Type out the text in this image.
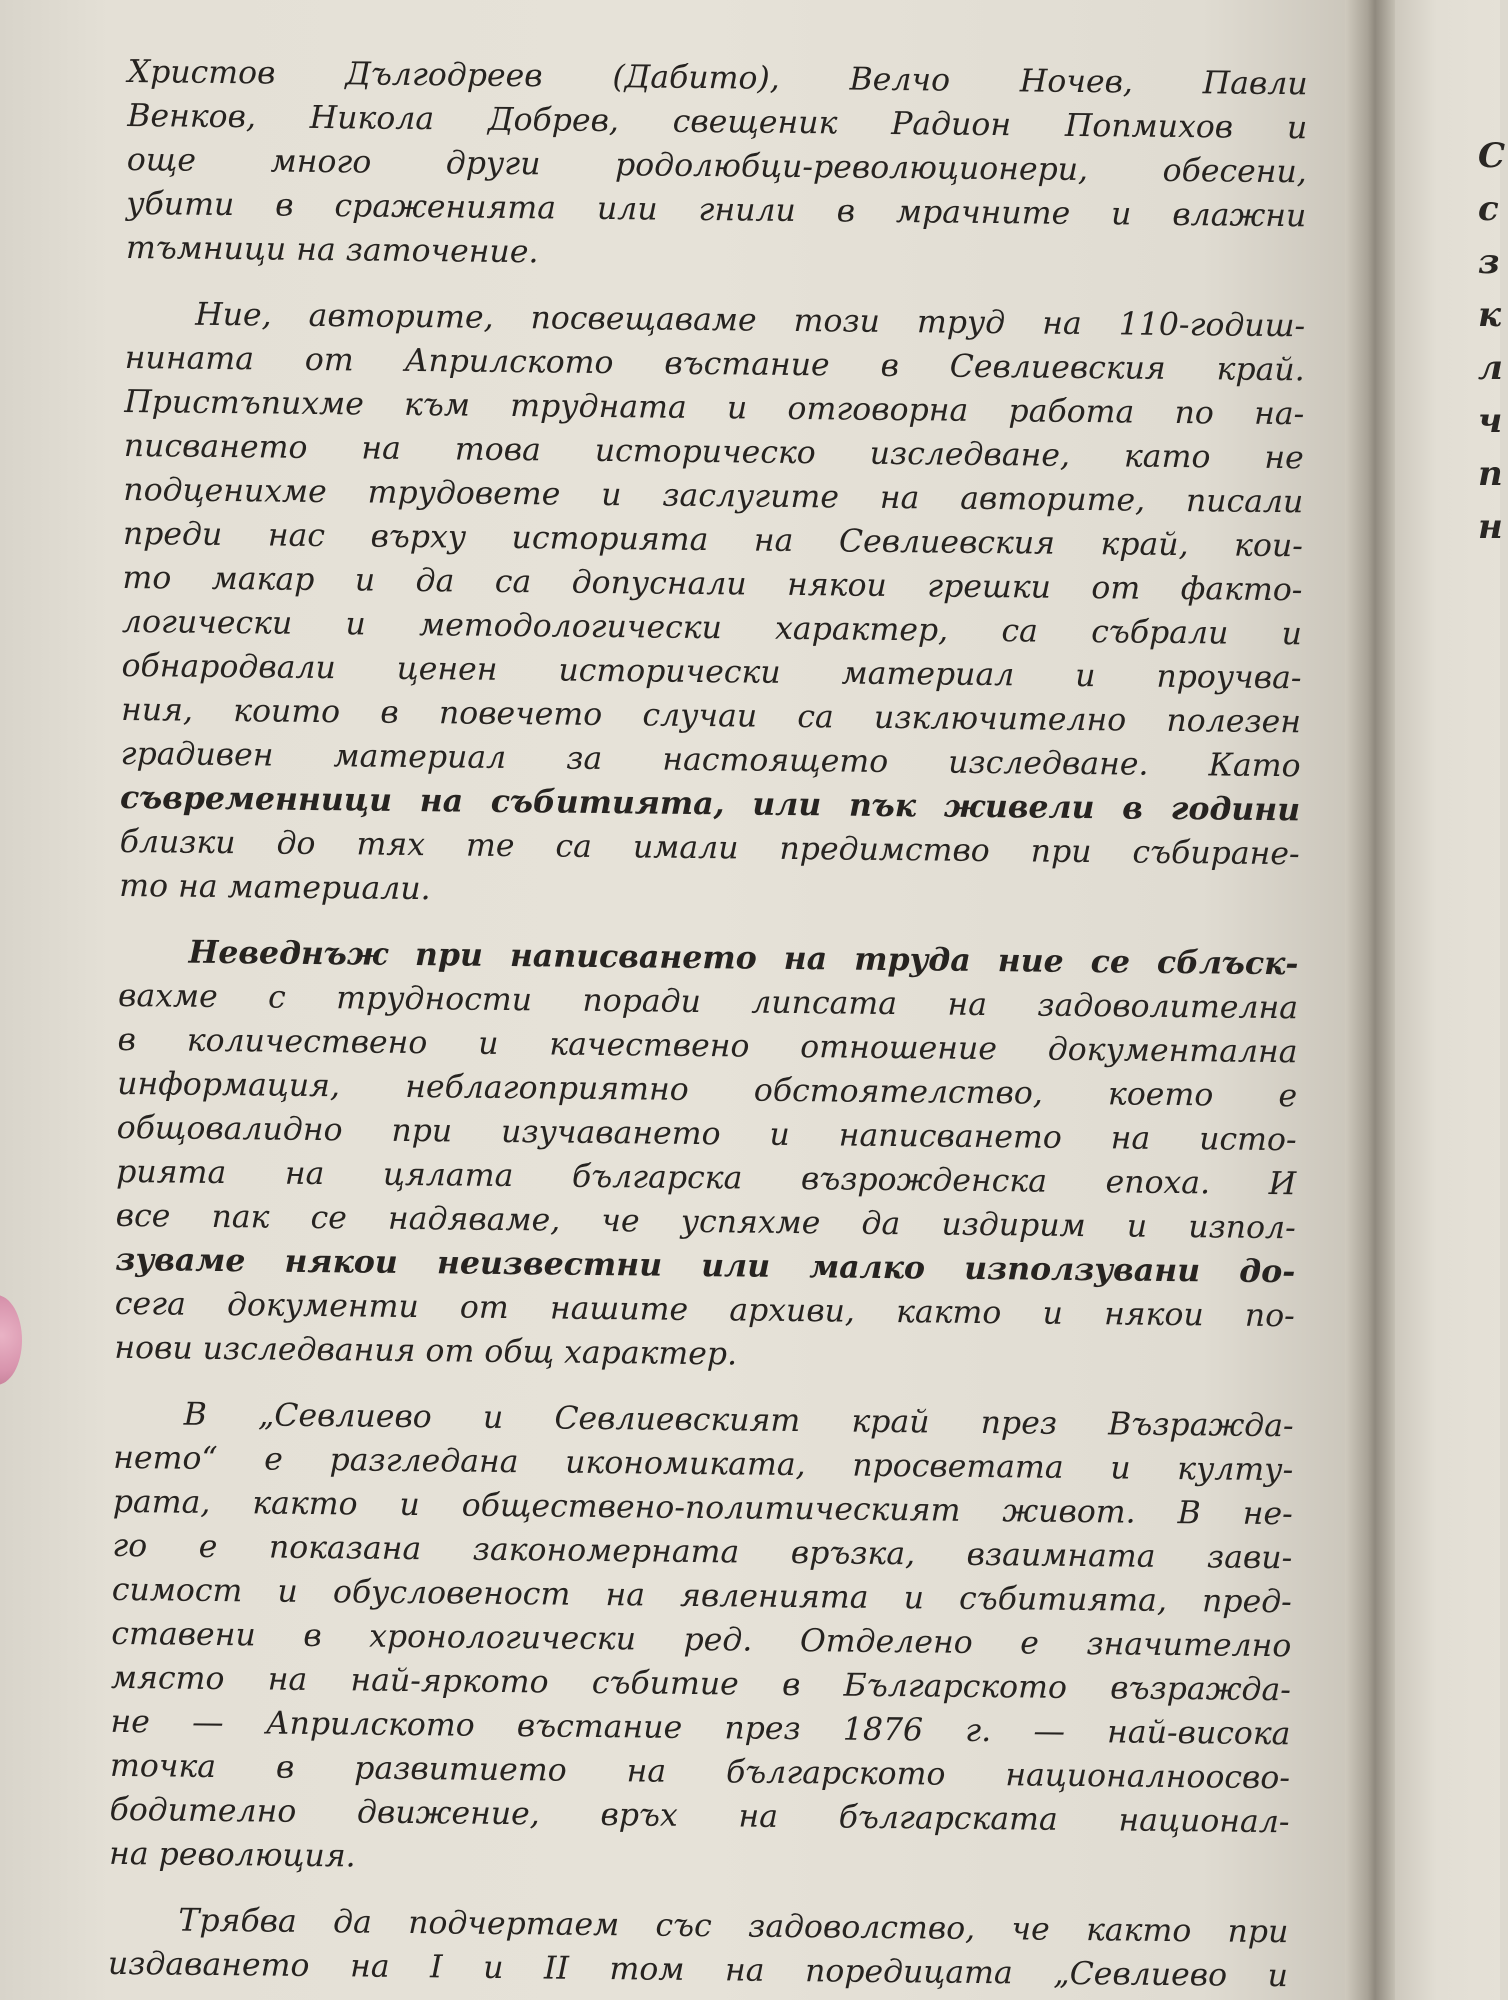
С
с
з
к
л
ч
п
н
Христов Дългодреев (Дабито), Велчо Ночев, Павли
Венков, Никола Добрев, свещеник Радион Попмихов и
още много други родолюбци-революционери, обесени,
убити в сраженията или гнили в мрачните и влажни
тъмници на заточение.
Ние, авторите, посвещаваме този труд на 110-годиш-
нината от Априлското въстание в Севлиевския край.
Пристъпихме към трудната и отговорна работа по на-
писването на това историческо изследване, като не
подценихме трудовете и заслугите на авторите, писали
преди нас върху историята на Севлиевския край, кои-
то макар и да са допуснали някои грешки от факто-
логически и методологически характер, са събрали и
обнародвали ценен исторически материал и проучва-
ния, които в повечето случаи са изключително полезен
градивен материал за настоящето изследване. Като
съвременници на събитията, или пък живели в години
близки до тях те са имали предимство при събиране-
то на материали.
Неведнъж при написването на труда ние се сблъск-
вахме с трудности поради липсата на задоволителна
в количествено и качествено отношение документална
информация, неблагоприятно обстоятелство, което е
общовалидно при изучаването и написването на исто-
рията на цялата българска възрожденска епоха. И
все пак се надяваме, че успяхме да издирим и изпол-
зуваме някои неизвестни или малко използувани до-
сега документи от нашите архиви, както и някои по-
нови изследвания от общ характер.
В „Севлиево и Севлиевският край през Възражда-
нето“ е разгледана икономиката, просветата и култу-
рата, както и обществено-политическият живот. В не-
го е показана закономерната връзка, взаимната зави-
симост и обусловеност на явленията и събитията, пред-
ставени в хронологически ред. Отделено е значително
място на най-яркото събитие в Българското възражда-
не — Априлското въстание през 1876 г. — най-висока
точка в развитието на българското националноосво-
бодително движение, връх на българската национал-
на революция.
Трябва да подчертаем със задоволство, че както при
издаването на I и II том на поредицата „Севлиево и
